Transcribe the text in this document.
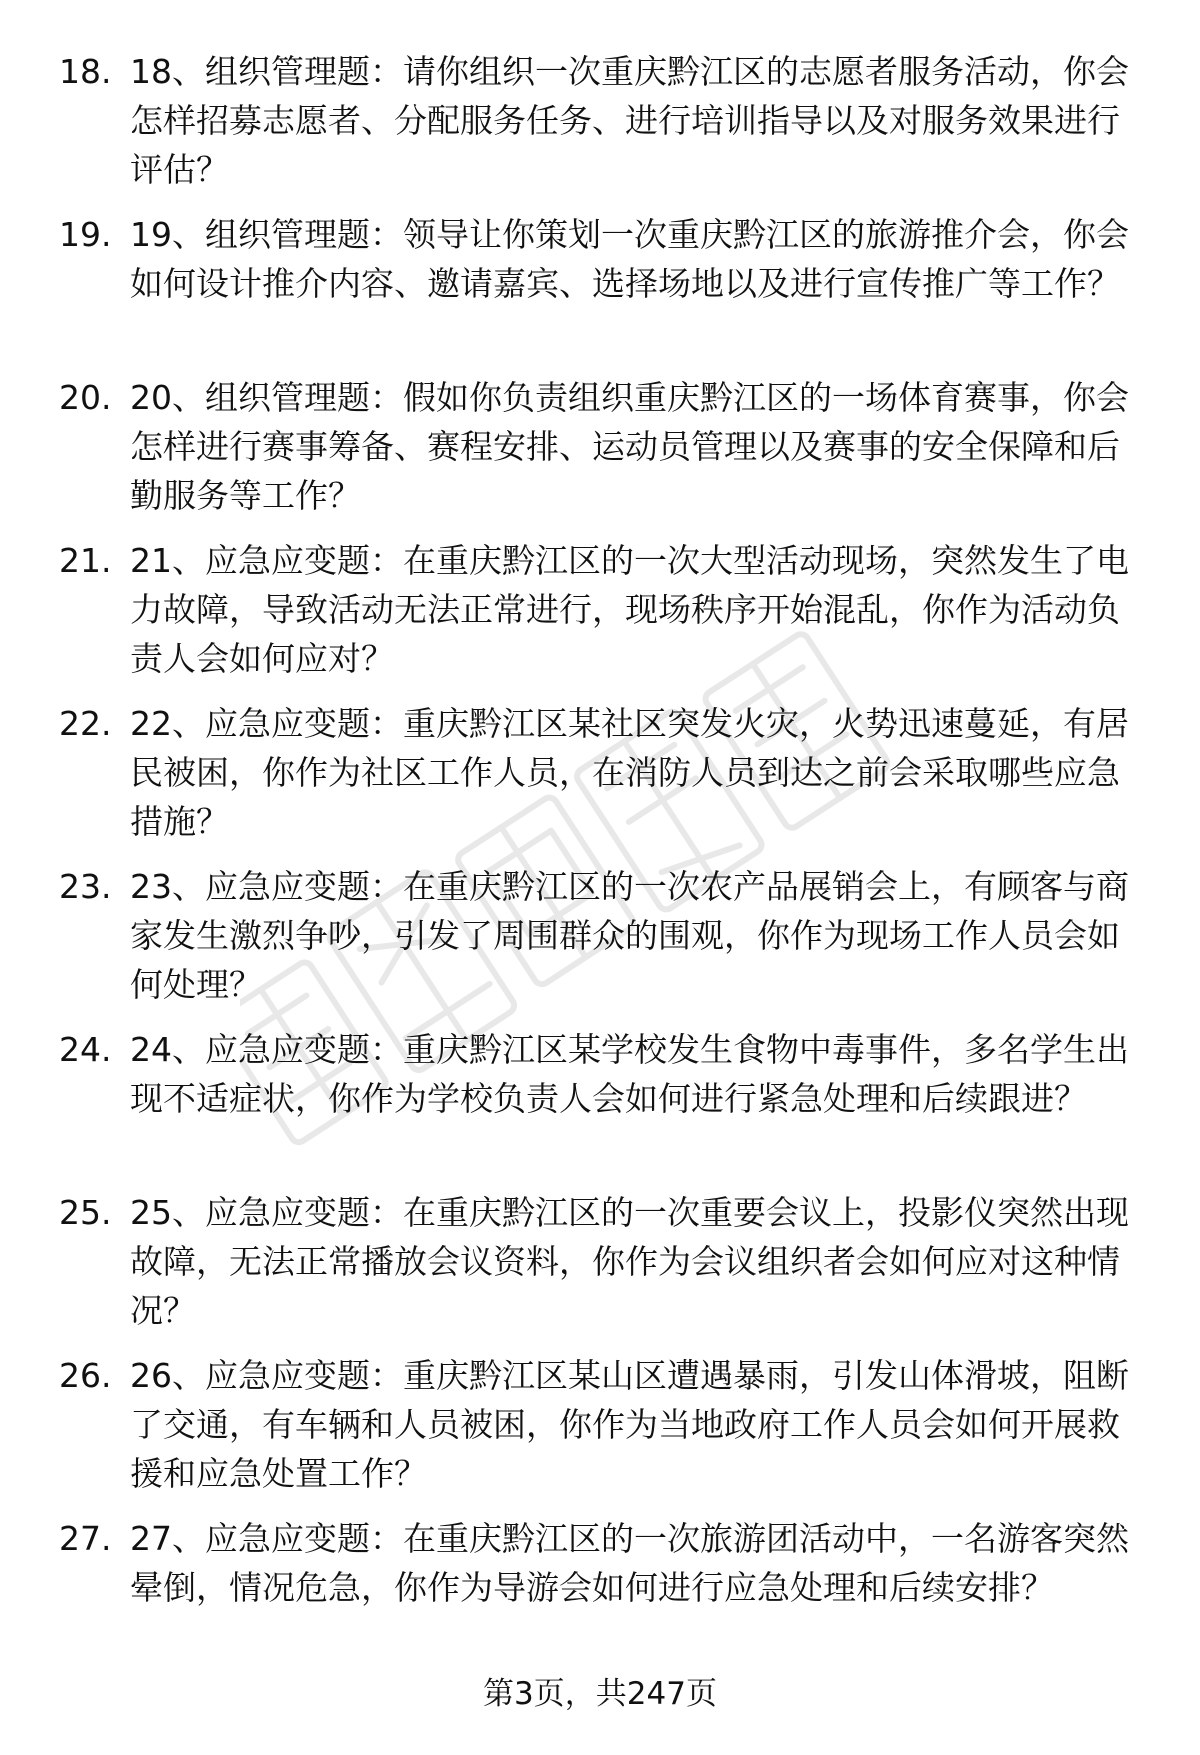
18. 18、组织管理题：请你组织一次重庆黔江区的志愿者服务活动，你会怎样招募志愿者、分配服务任务、进行培训指导以及对服务效果进行评估？
19. 19、组织管理题：领导让你策划一次重庆黔江区的旅游推介会，你会如何设计推介内容、邀请嘉宾、选择场地以及进行宣传推广等工作？
20. 20、组织管理题：假如你负责组织重庆黔江区的一场体育赛事，你会怎样进行赛事筹备、赛程安排、运动员管理以及赛事的安全保障和后勤服务等工作？
21. 21、应急应变题：在重庆黔江区的一次大型活动现场，突然发生了电力故障，导致活动无法正常进行，现场秩序开始混乱，你作为活动负责人会如何应对？
22. 22、应急应变题：重庆黔江区某社区突发火灾，火势迅速蔓延，有居民被困，你作为社区工作人员，在消防人员到达之前会采取哪些应急措施？
23. 23、应急应变题：在重庆黔江区的一次农产品展销会上，有顾客与商家发生激烈争吵，引发了周围群众的围观，你作为现场工作人员会如何处理？
24. 24、应急应变题：重庆黔江区某学校发生食物中毒事件，多名学生出现不适症状，你作为学校负责人会如何进行紧急处理和后续跟进？
25. 25、应急应变题：在重庆黔江区的一次重要会议上，投影仪突然出现故障，无法正常播放会议资料，你作为会议组织者会如何应对这种情况？
26. 26、应急应变题：重庆黔江区某山区遭遇暴雨，引发山体滑坡，阻断了交通，有车辆和人员被困，你作为当地政府工作人员会如何开展救援和应急处置工作？
27. 27、应急应变题：在重庆黔江区的一次旅游团活动中，一名游客突然晕倒，情况危急，你作为导游会如何进行应急处理和后续安排？
第3页，共247页
